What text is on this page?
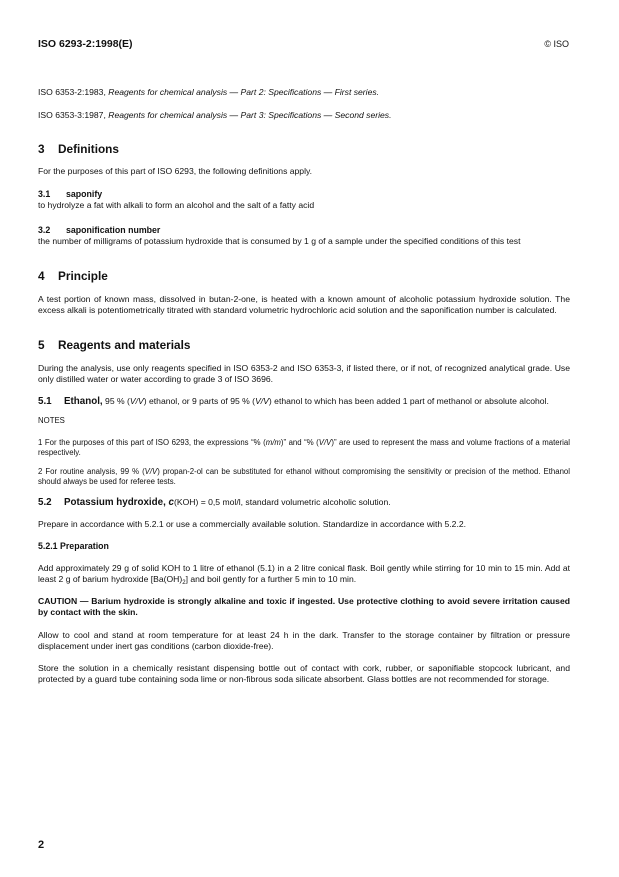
ISO 6293-2:1998(E)	© ISO

ISO 6353-2:1983, Reagents for chemical analysis — Part 2: Specifications — First series.

ISO 6353-3:1987, Reagents for chemical analysis — Part 3: Specifications — Second series.

3 Definitions

For the purposes of this part of ISO 6293, the following definitions apply.

3.1 saponify

to hydrolyze a fat with alkali to form an alcohol and the salt of a fatty acid

3.2 saponification number

the number of milligrams of potassium hydroxide that is consumed by 1 g of a sample under the specified conditions of this test

4 Principle

A test portion of known mass, dissolved in butan-2-one, is heated with a known amount of alcoholic potassium hydroxide solution. The excess alkali is potentiometrically titrated with standard volumetric hydrochloric acid solution and the saponification number is calculated.

5 Reagents and materials

During the analysis, use only reagents specified in ISO 6353-2 and ISO 6353-3, if listed there, or if not, of recognized analytical grade. Use only distilled water or water according to grade 3 of ISO 3696.

5.1 Ethanol, 95 % (V/V) ethanol, or 9 parts of 95 % (V/V) ethanol to which has been added 1 part of methanol or absolute alcohol.

NOTES

1 For the purposes of this part of ISO 6293, the expressions “% (m/m)” and “% (V/V)” are used to represent the mass and volume fractions of a material respectively.

2 For routine analysis, 99 % (V/V) propan-2-ol can be substituted for ethanol without compromising the sensitivity or precision of the method. Ethanol should always be used for referee tests.

5.2 Potassium hydroxide, c(KOH) = 0,5 mol/l, standard volumetric alcoholic solution.

Prepare in accordance with 5.2.1 or use a commercially available solution. Standardize in accordance with 5.2.2.

5.2.1 Preparation

Add approximately 29 g of solid KOH to 1 litre of ethanol (5.1) in a 2 litre conical flask. Boil gently while stirring for 10 min to 15 min. Add at least 2 g of barium hydroxide $[Ba(OH)_2]$ and boil gently for a further 5 min to 10 min.

CAUTION — Barium hydroxide is strongly alkaline and toxic if ingested. Use protective clothing to avoid severe irritation caused by contact with the skin.

Allow to cool and stand at room temperature for at least 24 h in the dark. Transfer to the storage container by filtration or pressure displacement under inert gas conditions (carbon dioxide-free).

Store the solution in a chemically resistant dispensing bottle out of contact with cork, rubber, or saponifiable stopcock lubricant, and protected by a guard tube containing soda lime or non-fibrous soda silicate absorbent. Glass bottles are not recommended for storage.

2
